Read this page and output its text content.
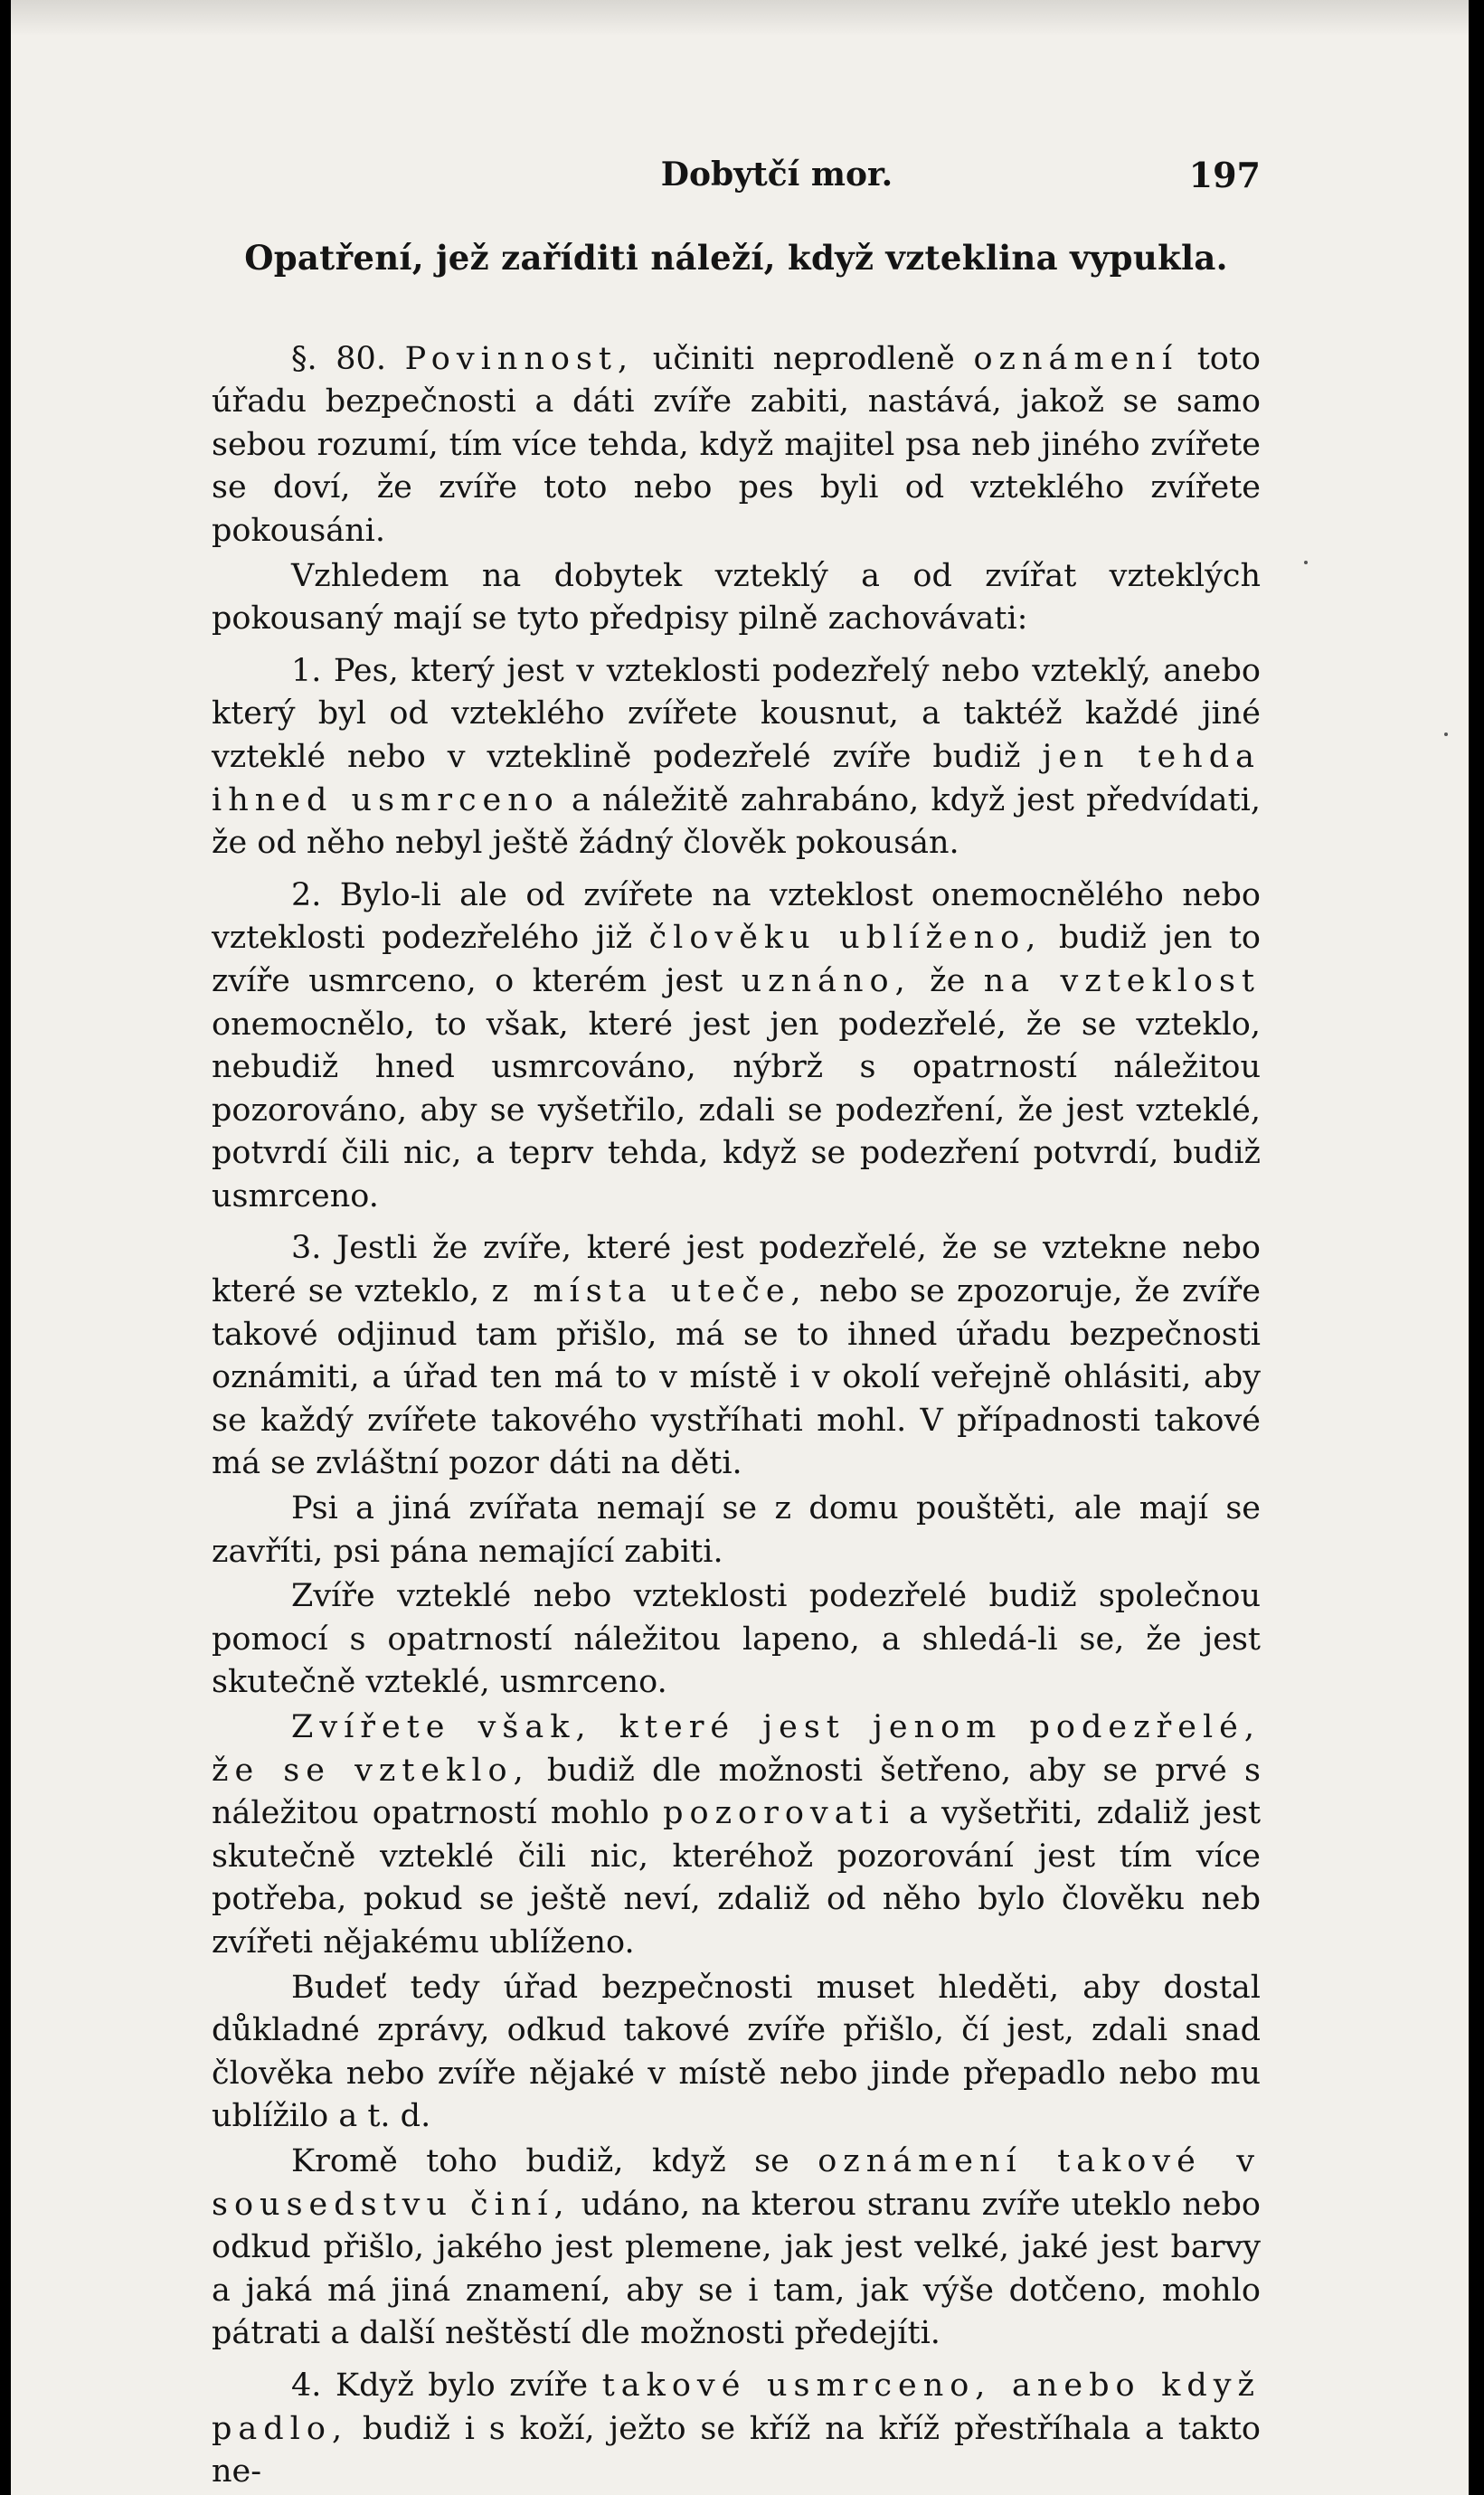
Dobytčí mor.	197
Opatření, jež zaříditi náleží, když vzteklina vypukla.

§. 80. Povinnost, učiniti neprodleně oznámení toto úřadu bezpečnosti a dáti zvíře zabiti, nastává, jakož se samo sebou rozumí, tím více tehda, když majitel psa neb jiného zvířete se doví, že zvíře toto nebo pes byli od vzteklého zvířete pokousáni.

Vzhledem na dobytek vzteklý a od zvířat vzteklých pokousaný mají se tyto předpisy pilně zachovávati:

1. Pes, který jest v vzteklosti podezřelý nebo vzteklý, anebo který byl od vzteklého zvířete kousnut, a taktéž každé jiné vzteklé nebo v vzteklině podezřelé zvíře budiž jen tehda ihned usmrceno a náležitě zahrabáno, když jest předvídati, že od něho nebyl ještě žádný člověk pokousán.

2. Bylo-li ale od zvířete na vzteklost onemocnělého nebo vzteklosti podezřelého již člověku ublíženo, budiž jen to zvíře usmrceno, o kterém jest uznáno, že na vzteklost onemocnělo, to však, které jest jen podezřelé, že se vzteklo, nebudiž hned usmrcováno, nýbrž s opatrností náležitou pozorováno, aby se vyšetřilo, zdali se podezření, že jest vzteklé, potvrdí čili nic, a teprv tehda, když se podezření potvrdí, budiž usmrceno.

3. Jestli že zvíře, které jest podezřelé, že se vztekne nebo které se vzteklo, z místa uteče, nebo se zpozoruje, že zvíře takové odjinud tam přišlo, má se to ihned úřadu bezpečnosti oznámiti, a úřad ten má to v místě i v okolí veřejně ohlásiti, aby se každý zvířete takového vystříhati mohl. V případnosti takové má se zvláštní pozor dáti na děti.

Psi a jiná zvířata nemají se z domu pouštěti, ale mají se zavříti, psi pána nemající zabiti.

Zvíře vzteklé nebo vzteklosti podezřelé budiž společnou pomocí s opatrností náležitou lapeno, a shledá-li se, že jest skutečně vzteklé, usmrceno.

Zvířete však, které jest jenom podezřelé, že se vzteklo, budiž dle možnosti šetřeno, aby se prvé s náležitou opatrností mohlo pozorovati a vyšetřiti, zdaliž jest skutečně vzteklé čili nic, kteréhož pozorování jest tím více potřeba, pokud se ještě neví, zdaliž od něho bylo člověku neb zvířeti nějakému ublíženo.

Budeť tedy úřad bezpečnosti muset hleděti, aby dostal důkladné zprávy, odkud takové zvíře přišlo, čí jest, zdali snad člověka nebo zvíře nějaké v místě nebo jinde přepadlo nebo mu ublížilo a t. d.

Kromě toho budiž, když se oznámení takové v sousedstvu činí, udáno, na kterou stranu zvíře uteklo nebo odkud přišlo, jakého jest plemene, jak jest velké, jaké jest barvy a jaká má jiná znamení, aby se i tam, jak výše dotčeno, mohlo pátrati a další neštěstí dle možnosti předejíti.

4. Když bylo zvíře takové usmrceno, anebo když padlo, budiž i s koží, ježto se kříž na kříž přestříhala a takto ne-
